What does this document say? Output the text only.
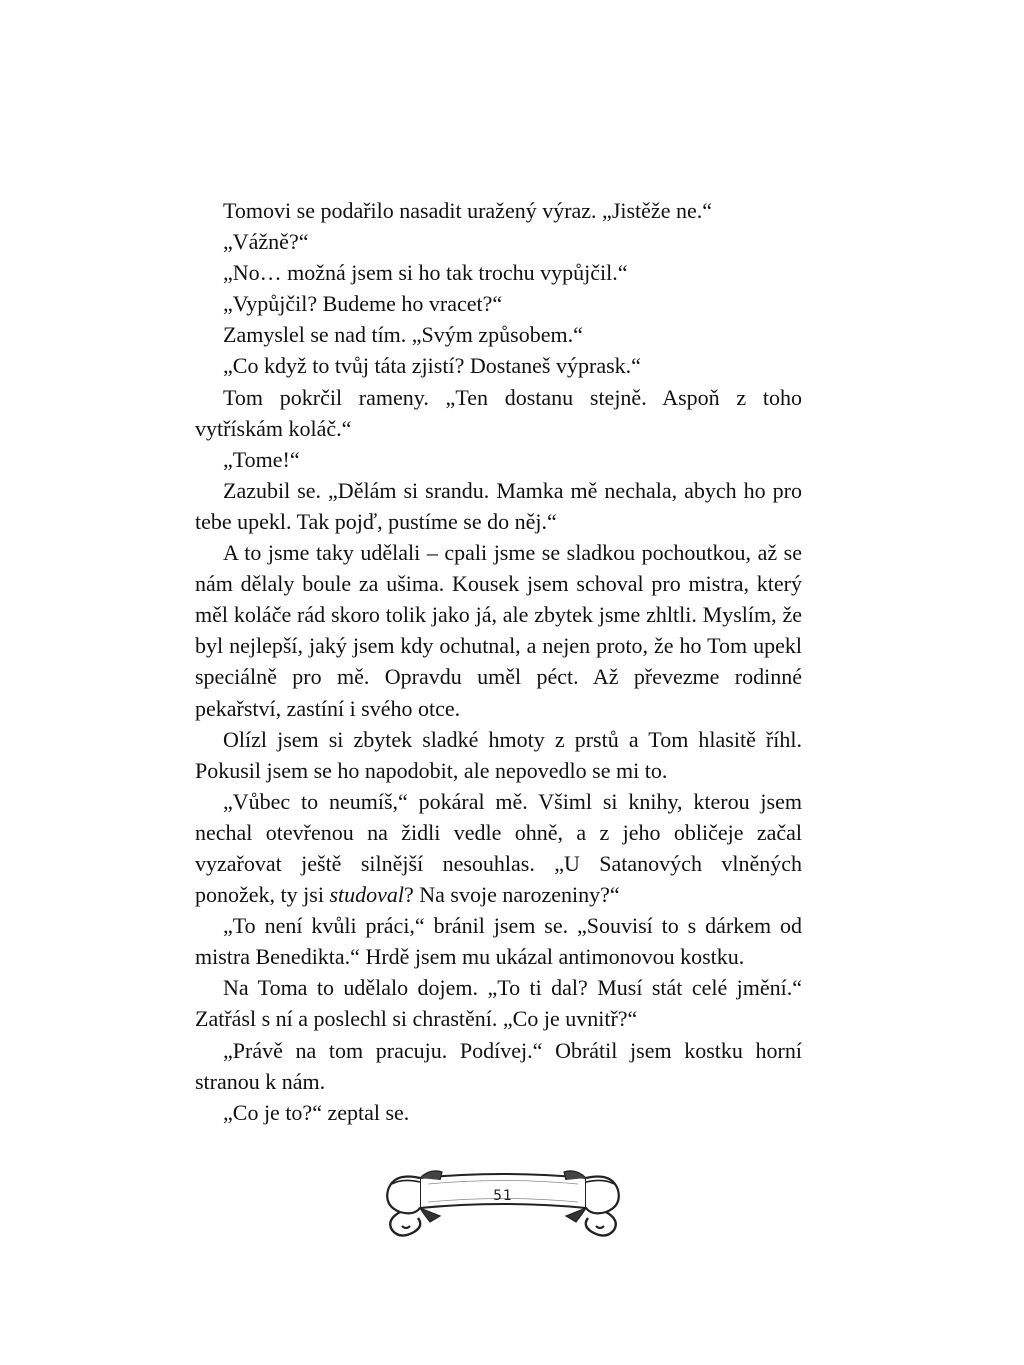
Tomovi se podařilo nasadit uražený výraz. „Jistěže ne.“

„Vážně?“

„No… možná jsem si ho tak trochu vypůjčil.“

„Vypůjčil? Budeme ho vracet?“

Zamyslel se nad tím. „Svým způsobem.“

„Co když to tvůj táta zjistí? Dostaneš výprask.“

Tom pokrčil rameny. „Ten dostanu stejně. Aspoň z toho vytřískám koláč.“

„Tome!“

Zazubil se. „Dělám si srandu. Mamka mě nechala, abych ho pro tebe upekl. Tak pojď, pustíme se do něj.“

A to jsme taky udělali – cpali jsme se sladkou pochoutkou, až se nám dělaly boule za ušima. Kousek jsem schoval pro mistra, který měl koláče rád skoro tolik jako já, ale zbytek jsme zhltli. Myslím, že byl nejlepší, jaký jsem kdy ochutnal, a nejen proto, že ho Tom upekl speciálně pro mě. Opravdu uměl péct. Až převezme rodinné pekařství, zastíní i svého otce.

Olízl jsem si zbytek sladké hmoty z prstů a Tom hlasitě říhl. Pokusil jsem se ho napodobit, ale nepovedlo se mi to.

„Vůbec to neumíš,“ pokáral mě. Všiml si knihy, kterou jsem nechal otevřenou na židli vedle ohně, a z jeho obličeje začal vyzařovat ještě silnější nesouhlas. „U Satanových vlněných ponožek, ty jsi studoval? Na svoje narozeniny?“

„To není kvůli práci,“ bránil jsem se. „Souvisí to s dárkem od mistra Benedikta.“ Hrdě jsem mu ukázal antimonovou kostku.

Na Toma to udělalo dojem. „To ti dal? Musí stát celé jmění.“ Zatřásl s ní a poslechl si chrastění. „Co je uvnitř?“

„Právě na tom pracuju. Podívej.“ Obrátil jsem kostku horní stranou k nám.

„Co je to?“ zeptal se.

51
